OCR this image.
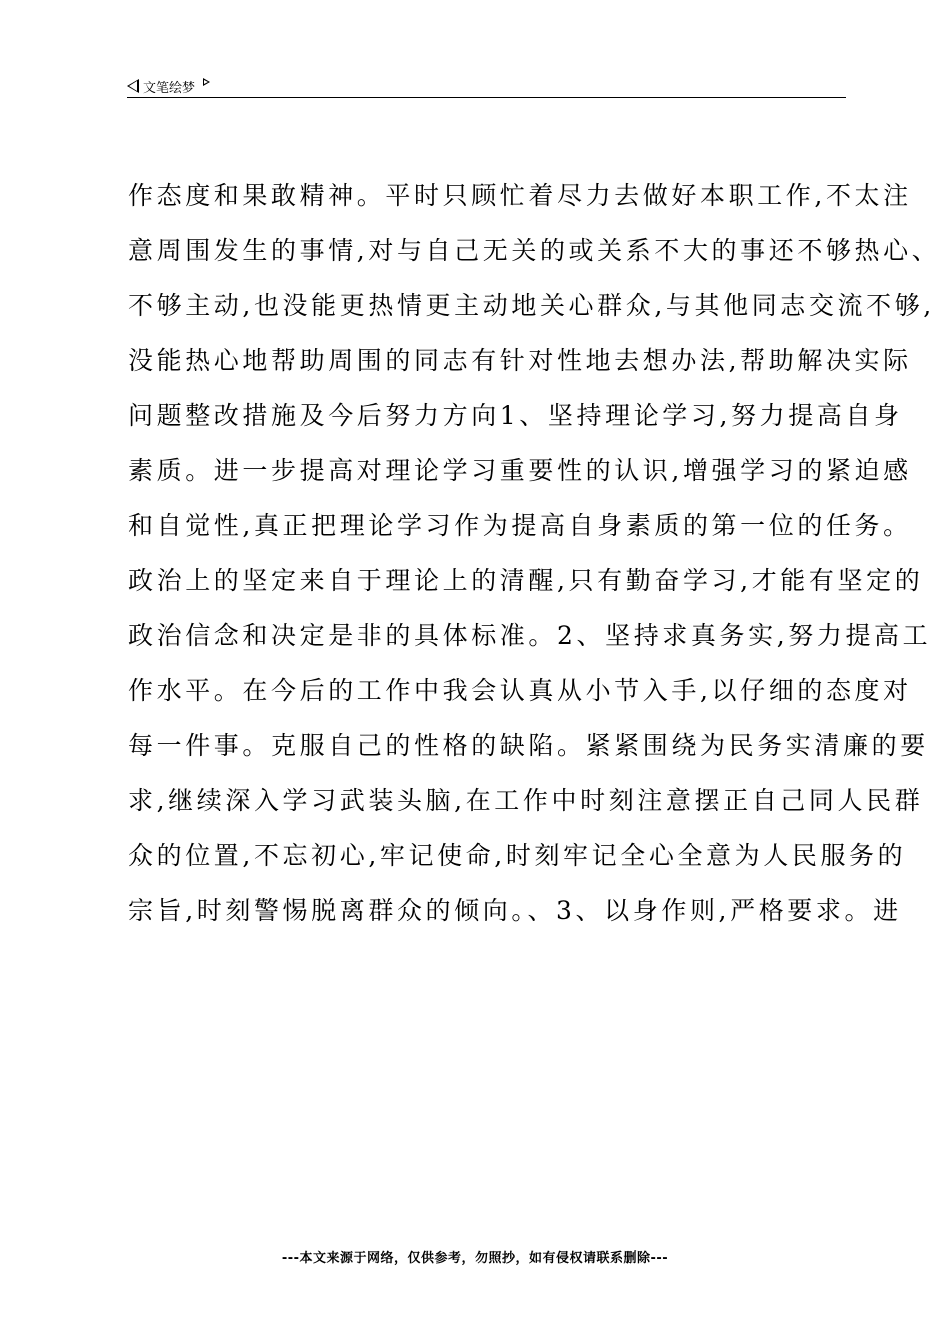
文笔绘梦
作态度和果敢精神。平时只顾忙着尽力去做好本职工作,不太注
意周围发生的事情,对与自己无关的或关系不大的事还不够热心、
不够主动,也没能更热情更主动地关心群众,与其他同志交流不够,
没能热心地帮助周围的同志有针对性地去想办法,帮助解决实际
问题整改措施及今后努力方向1、坚持理论学习,努力提高自身
素质。进一步提高对理论学习重要性的认识,增强学习的紧迫感
和自觉性,真正把理论学习作为提高自身素质的第一位的任务。
政治上的坚定来自于理论上的清醒,只有勤奋学习,才能有坚定的
政治信念和决定是非的具体标准。2、坚持求真务实,努力提高工
作水平。在今后的工作中我会认真从小节入手,以仔细的态度对
每一件事。克服自己的性格的缺陷。紧紧围绕为民务实清廉的要
求,继续深入学习武装头脑,在工作中时刻注意摆正自己同人民群
众的位置,不忘初心,牢记使命,时刻牢记全心全意为人民服务的
宗旨,时刻警惕脱离群众的倾向。、3、以身作则,严格要求。进
---本文来源于网络，仅供参考，勿照抄，如有侵权请联系删除---
